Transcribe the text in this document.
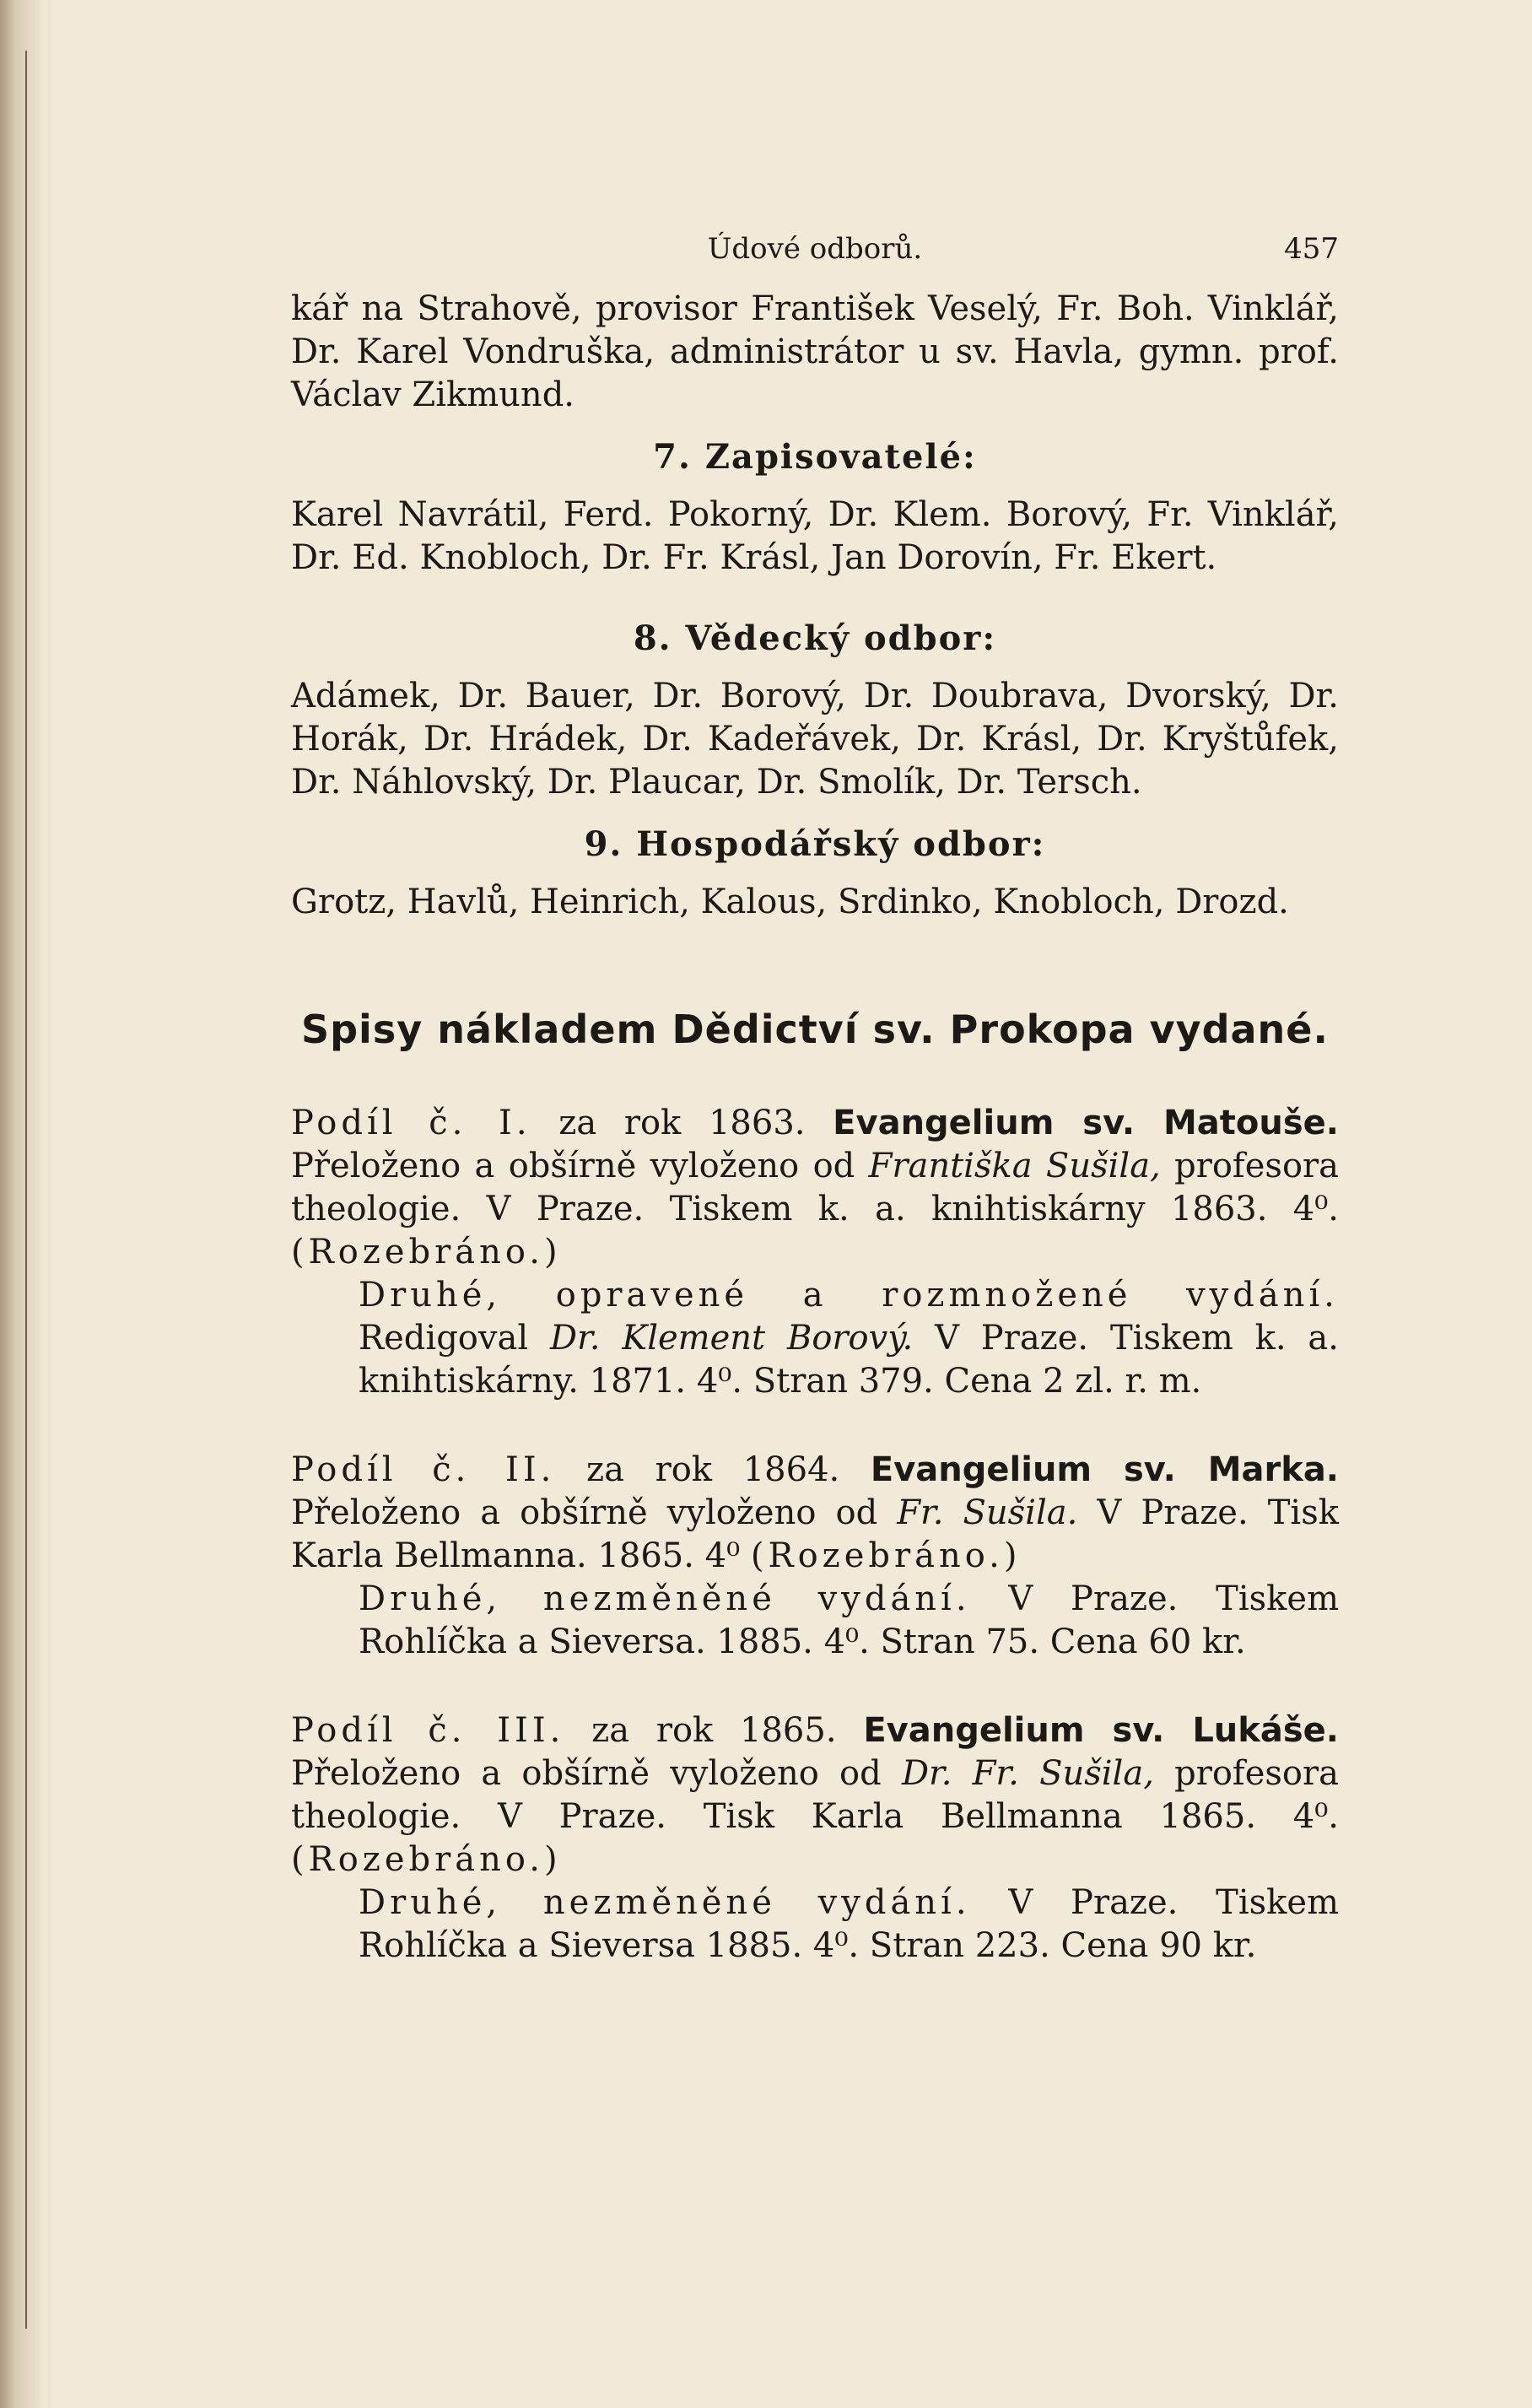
Údové odborů.	457

kář na Strahově, provisor František Veselý, Fr. Boh. Vinklář, Dr. Karel Vondruška, administrátor u sv. Havla, gymn. prof. Václav Zikmund.

7. Zapisovatelé:

Karel Navrátil, Ferd. Pokorný, Dr. Klem. Borový, Fr. Vinklář, Dr. Ed. Knobloch, Dr. Fr. Krásl, Jan Dorovín, Fr. Ekert.

8. Vědecký odbor:

Adámek, Dr. Bauer, Dr. Borový, Dr. Doubrava, Dvorský, Dr. Horák, Dr. Hrádek, Dr. Kadeřávek, Dr. Krásl, Dr. Kryštůfek, Dr. Náhlovský, Dr. Plaucar, Dr. Smolík, Dr. Tersch.

9. Hospodářský odbor:

Grotz, Havlů, Heinrich, Kalous, Srdinko, Knobloch, Drozd.

Spisy nákladem Dědictví sv. Prokopa vydané.

Podíl č. I. za rok 1863. Evangelium sv. Matouše. Přeloženo a obšírně vyloženo od Františka Sušila, profesora theologie. V Praze. Tiskem k. a. knihtiskárny 1863. 4⁰. (Rozebráno.)

Druhé, opravené a rozmnožené vydání. Redigoval Dr. Klement Borový. V Praze. Tiskem k. a. knihtiskárny. 1871. 4⁰. Stran 379. Cena 2 zl. r. m.

Podíl č. II. za rok 1864. Evangelium sv. Marka. Přeloženo a obšírně vyloženo od Fr. Sušila. V Praze. Tisk Karla Bellmanna. 1865. 4⁰ (Rozebráno.)

Druhé, nezměněné vydání. V Praze. Tiskem Rohlíčka a Sieversa. 1885. 4⁰. Stran 75. Cena 60 kr.

Podíl č. III. za rok 1865. Evangelium sv. Lukáše. Přeloženo a obšírně vyloženo od Dr. Fr. Sušila, profesora theologie. V Praze. Tisk Karla Bellmanna 1865. 4⁰. (Rozebráno.)

Druhé, nezměněné vydání. V Praze. Tiskem Rohlíčka a Sieversa 1885. 4⁰. Stran 223. Cena 90 kr.
